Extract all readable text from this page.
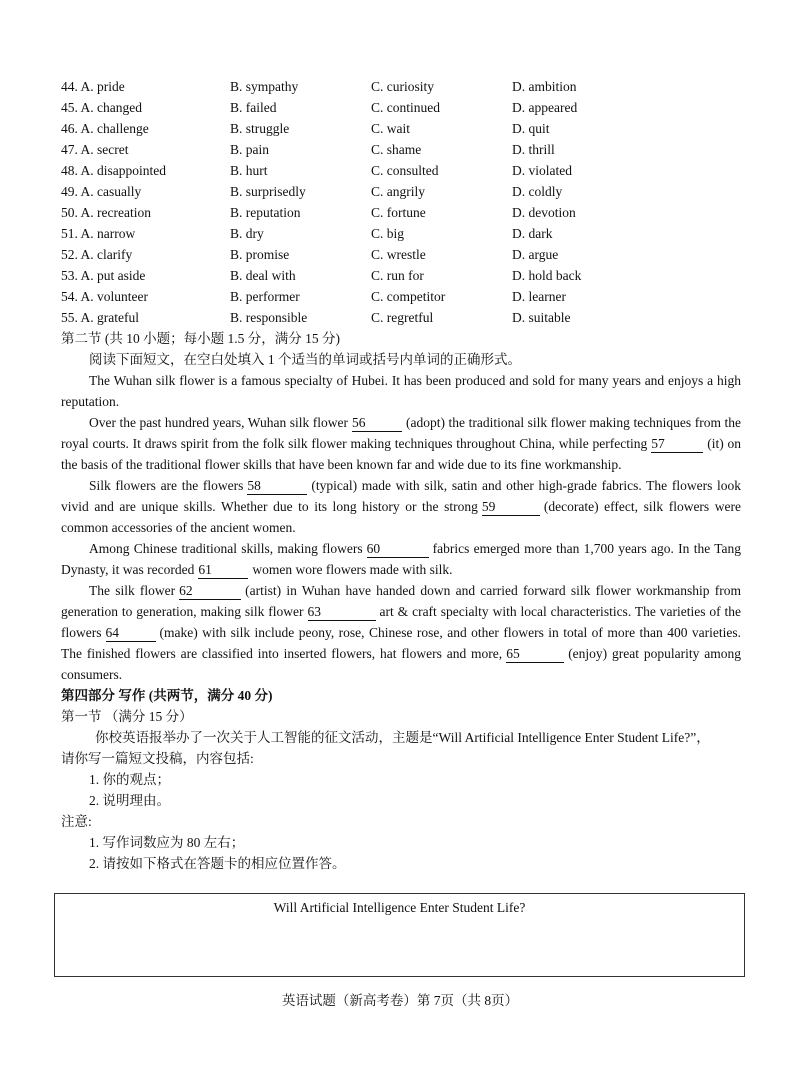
44. A. pride	B. sympathy	C. curiosity	D. ambition
45. A. changed	B. failed	C. continued	D. appeared
46. A. challenge	B. struggle	C. wait	D. quit
47. A. secret	B. pain	C. shame	D. thrill
48. A. disappointed	B. hurt	C. consulted	D. violated
49. A. casually	B. surprisedly	C. angrily	D. coldly
50. A. recreation	B. reputation	C. fortune	D. devotion
51. A. narrow	B. dry	C. big	D. dark
52. A. clarify	B. promise	C. wrestle	D. argue
53. A. put aside	B. deal with	C. run for	D. hold back
54. A. volunteer	B. performer	C. competitor	D. learner
55. A. grateful	B. responsible	C. regretful	D. suitable
第二节 (共 10 小题；每小题 1.5 分，满分 15 分)
阅读下面短文，在空白处填入 1 个适当的单词或括号内单词的正确形式。

The Wuhan silk flower is a famous specialty of Hubei. It has been produced and sold for many years and enjoys a high reputation.

Over the past hundred years, Wuhan silk flower 56	(adopt) the traditional silk flower making techniques from the royal courts. It draws spirit from the folk silk flower making techniques throughout China, while perfecting 57	(it) on the basis of the traditional flower skills that have been known far and wide due to its fine workmanship.

Silk flowers are the flowers 58	(typical) made with silk, satin and other high-grade fabrics. The flowers look vivid and are unique skills. Whether due to its long history or the strong 59	(decorate) effect, silk flowers were common accessories of the ancient women.

Among Chinese traditional skills, making flowers 60	fabrics emerged more than 1,700 years ago. In the Tang Dynasty, it was recorded 61	women wore flowers made with silk.

The silk flower 62	(artist) in Wuhan have handed down and carried forward silk flower workmanship from generation to generation, making silk flower 63	art & craft specialty with local characteristics. The varieties of the flowers 64	(make) with silk include peony, rose, Chinese rose, and other flowers in total of more than 400 varieties. The finished flowers are classified into inserted flowers, hat flowers and more, 65	(enjoy) great popularity among consumers.

第四部分 写作 (共两节，满分 40 分)
第一节 （满分 15 分）
你校英语报举办了一次关于人工智能的征文活动，主题是“Will Artificial Intelligence Enter Student Life?”，
请你写一篇短文投稿，内容包括:
1. 你的观点；
2. 说明理由。
注意:
1. 写作词数应为 80 左右；
2. 请按如下格式在答题卡的相应位置作答。
Will Artificial Intelligence Enter Student Life?
英语试题（新高考卷）第 7页（共 8页）
